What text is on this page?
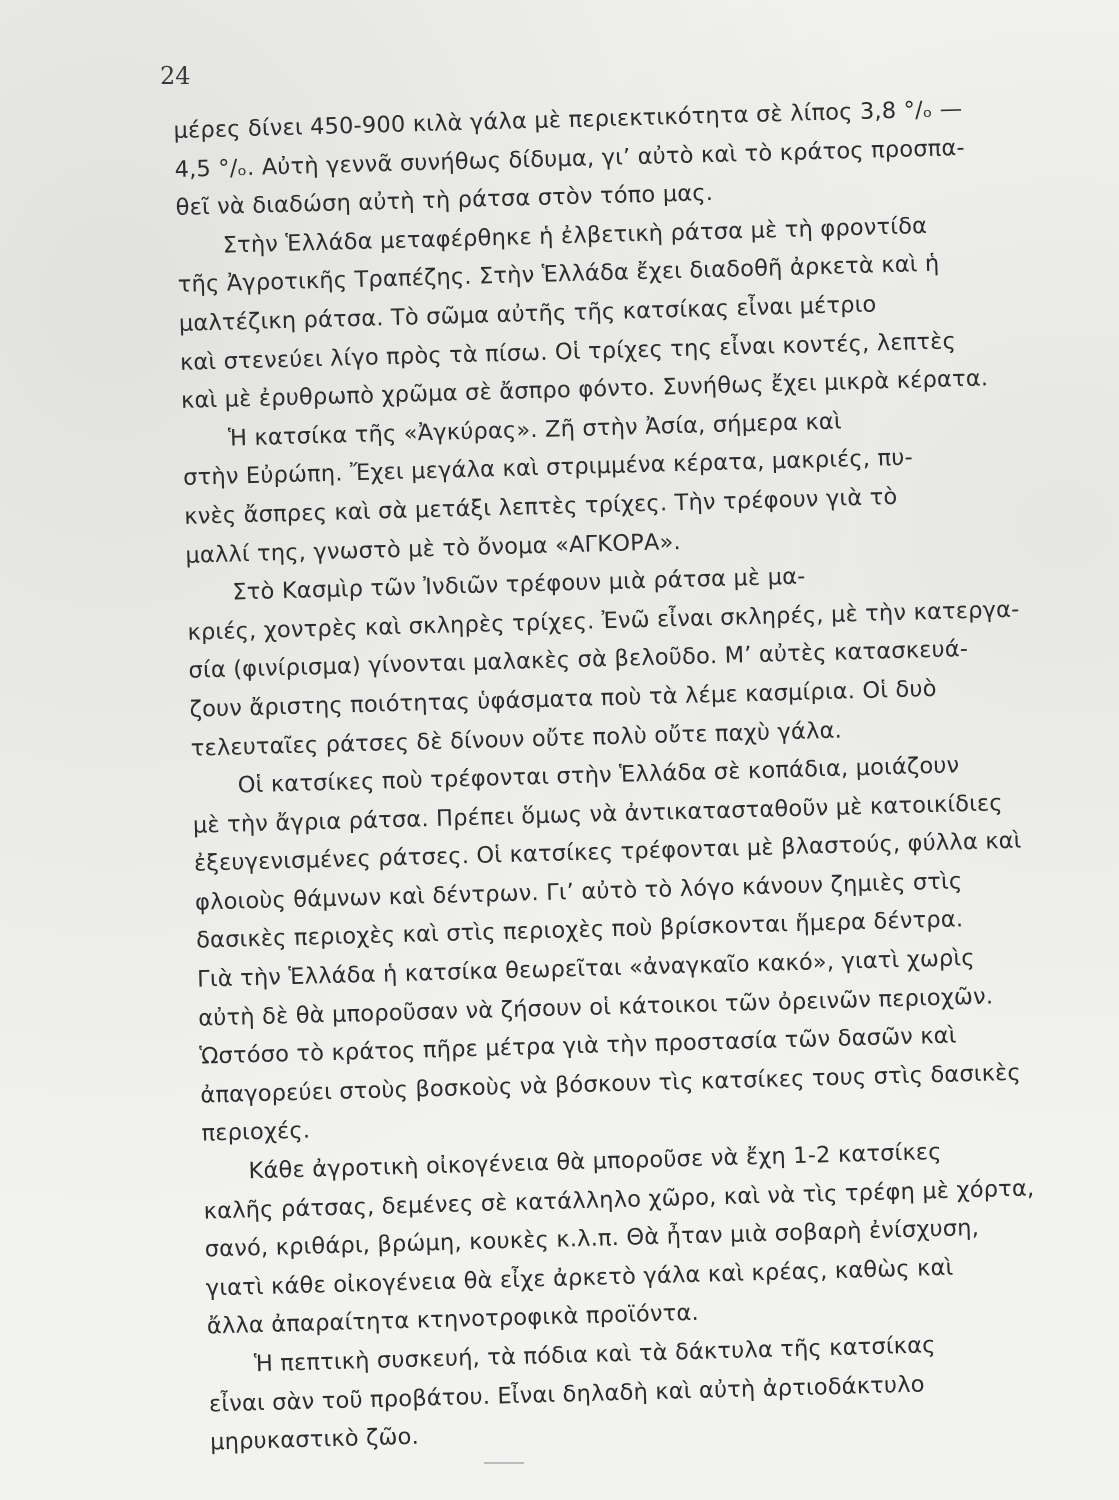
24
μέρες δίνει 450-900 κιλὰ γάλα μὲ περιεκτικότητα σὲ λίπος 3,8 °/ₒ —
4,5 °/ₒ. Αὐτὴ γεννᾶ συνήθως δίδυμα, γι’ αὐτὸ καὶ τὸ κράτος προσπα-
θεῖ νὰ διαδώση αὐτὴ τὴ ράτσα στὸν τόπο μας.
Στὴν Ἑλλάδα μεταφέρθηκε ἡ ἐλβετικὴ ράτσα μὲ τὴ φροντίδα
τῆς Ἀγροτικῆς Τραπέζης. Στὴν Ἑλλάδα ἔχει διαδοθῆ ἀρκετὰ καὶ ἡ
μαλτέζικη ράτσα. Τὸ σῶμα αὐτῆς τῆς κατσίκας εἶναι μέτριο
καὶ στενεύει λίγο πρὸς τὰ πίσω. Οἱ τρίχες της εἶναι κοντές, λεπτὲς
καὶ μὲ ἐρυθρωπὸ χρῶμα σὲ ἄσπρο φόντο. Συνήθως ἔχει μικρὰ κέρατα.
Ἡ κατσίκα τῆς «Ἀγκύρας». Ζῆ στὴν Ἀσία, σήμερα καὶ
στὴν Εὐρώπη. Ἔχει μεγάλα καὶ στριμμένα κέρατα, μακριές, πυ-
κνὲς ἄσπρες καὶ σὰ μετάξι λεπτὲς τρίχες. Τὴν τρέφουν γιὰ τὸ
μαλλί της, γνωστὸ μὲ τὸ ὄνομα «ΑΓΚΟΡΑ».
Στὸ Κασμὶρ τῶν Ἰνδιῶν τρέφουν μιὰ ράτσα μὲ μα-
κριές, χοντρὲς καὶ σκληρὲς τρίχες. Ἐνῶ εἶναι σκληρές, μὲ τὴν κατεργα-
σία (φινίρισμα) γίνονται μαλακὲς σὰ βελοῦδο. Μ’ αὐτὲς κατασκευά-
ζουν ἄριστης ποιότητας ὑφάσματα ποὺ τὰ λέμε κασμίρια. Οἱ δυὸ
τελευταῖες ράτσες δὲ δίνουν οὔτε πολὺ οὔτε παχὺ γάλα.
Οἱ κατσίκες ποὺ τρέφονται στὴν Ἑλλάδα σὲ κοπάδια, μοιάζουν
μὲ τὴν ἄγρια ράτσα. Πρέπει ὅμως νὰ ἀντικατασταθοῦν μὲ κατοικίδιες
ἐξευγενισμένες ράτσες. Οἱ κατσίκες τρέφονται μὲ βλαστούς, φύλλα καὶ
φλοιοὺς θάμνων καὶ δέντρων. Γι’ αὐτὸ τὸ λόγο κάνουν ζημιὲς στὶς
δασικὲς περιοχὲς καὶ στὶς περιοχὲς ποὺ βρίσκονται ἥμερα δέντρα.
Γιὰ τὴν Ἑλλάδα ἡ κατσίκα θεωρεῖται «ἀναγκαῖο κακό», γιατὶ χωρὶς
αὐτὴ δὲ θὰ μποροῦσαν νὰ ζήσουν οἱ κάτοικοι τῶν ὀρεινῶν περιοχῶν.
Ὡστόσο τὸ κράτος πῆρε μέτρα γιὰ τὴν προστασία τῶν δασῶν καὶ
ἀπαγορεύει στοὺς βοσκοὺς νὰ βόσκουν τὶς κατσίκες τους στὶς δασικὲς
περιοχές.
Κάθε ἀγροτικὴ οἰκογένεια θὰ μποροῦσε νὰ ἔχη 1-2 κατσίκες
καλῆς ράτσας, δεμένες σὲ κατάλληλο χῶρο, καὶ νὰ τὶς τρέφη μὲ χόρτα,
σανό, κριθάρι, βρώμη, κουκὲς κ.λ.π. Θὰ ἦταν μιὰ σοβαρὴ ἐνίσχυση,
γιατὶ κάθε οἰκογένεια θὰ εἶχε ἀρκετὸ γάλα καὶ κρέας, καθὼς καὶ
ἄλλα ἀπαραίτητα κτηνοτροφικὰ προϊόντα.
Ἡ πεπτικὴ συσκευή, τὰ πόδια καὶ τὰ δάκτυλα τῆς κατσίκας
εἶναι σὰν τοῦ προβάτου. Εἶναι δηλαδὴ καὶ αὐτὴ ἀρτιοδάκτυλο
μηρυκαστικὸ ζῶο.
